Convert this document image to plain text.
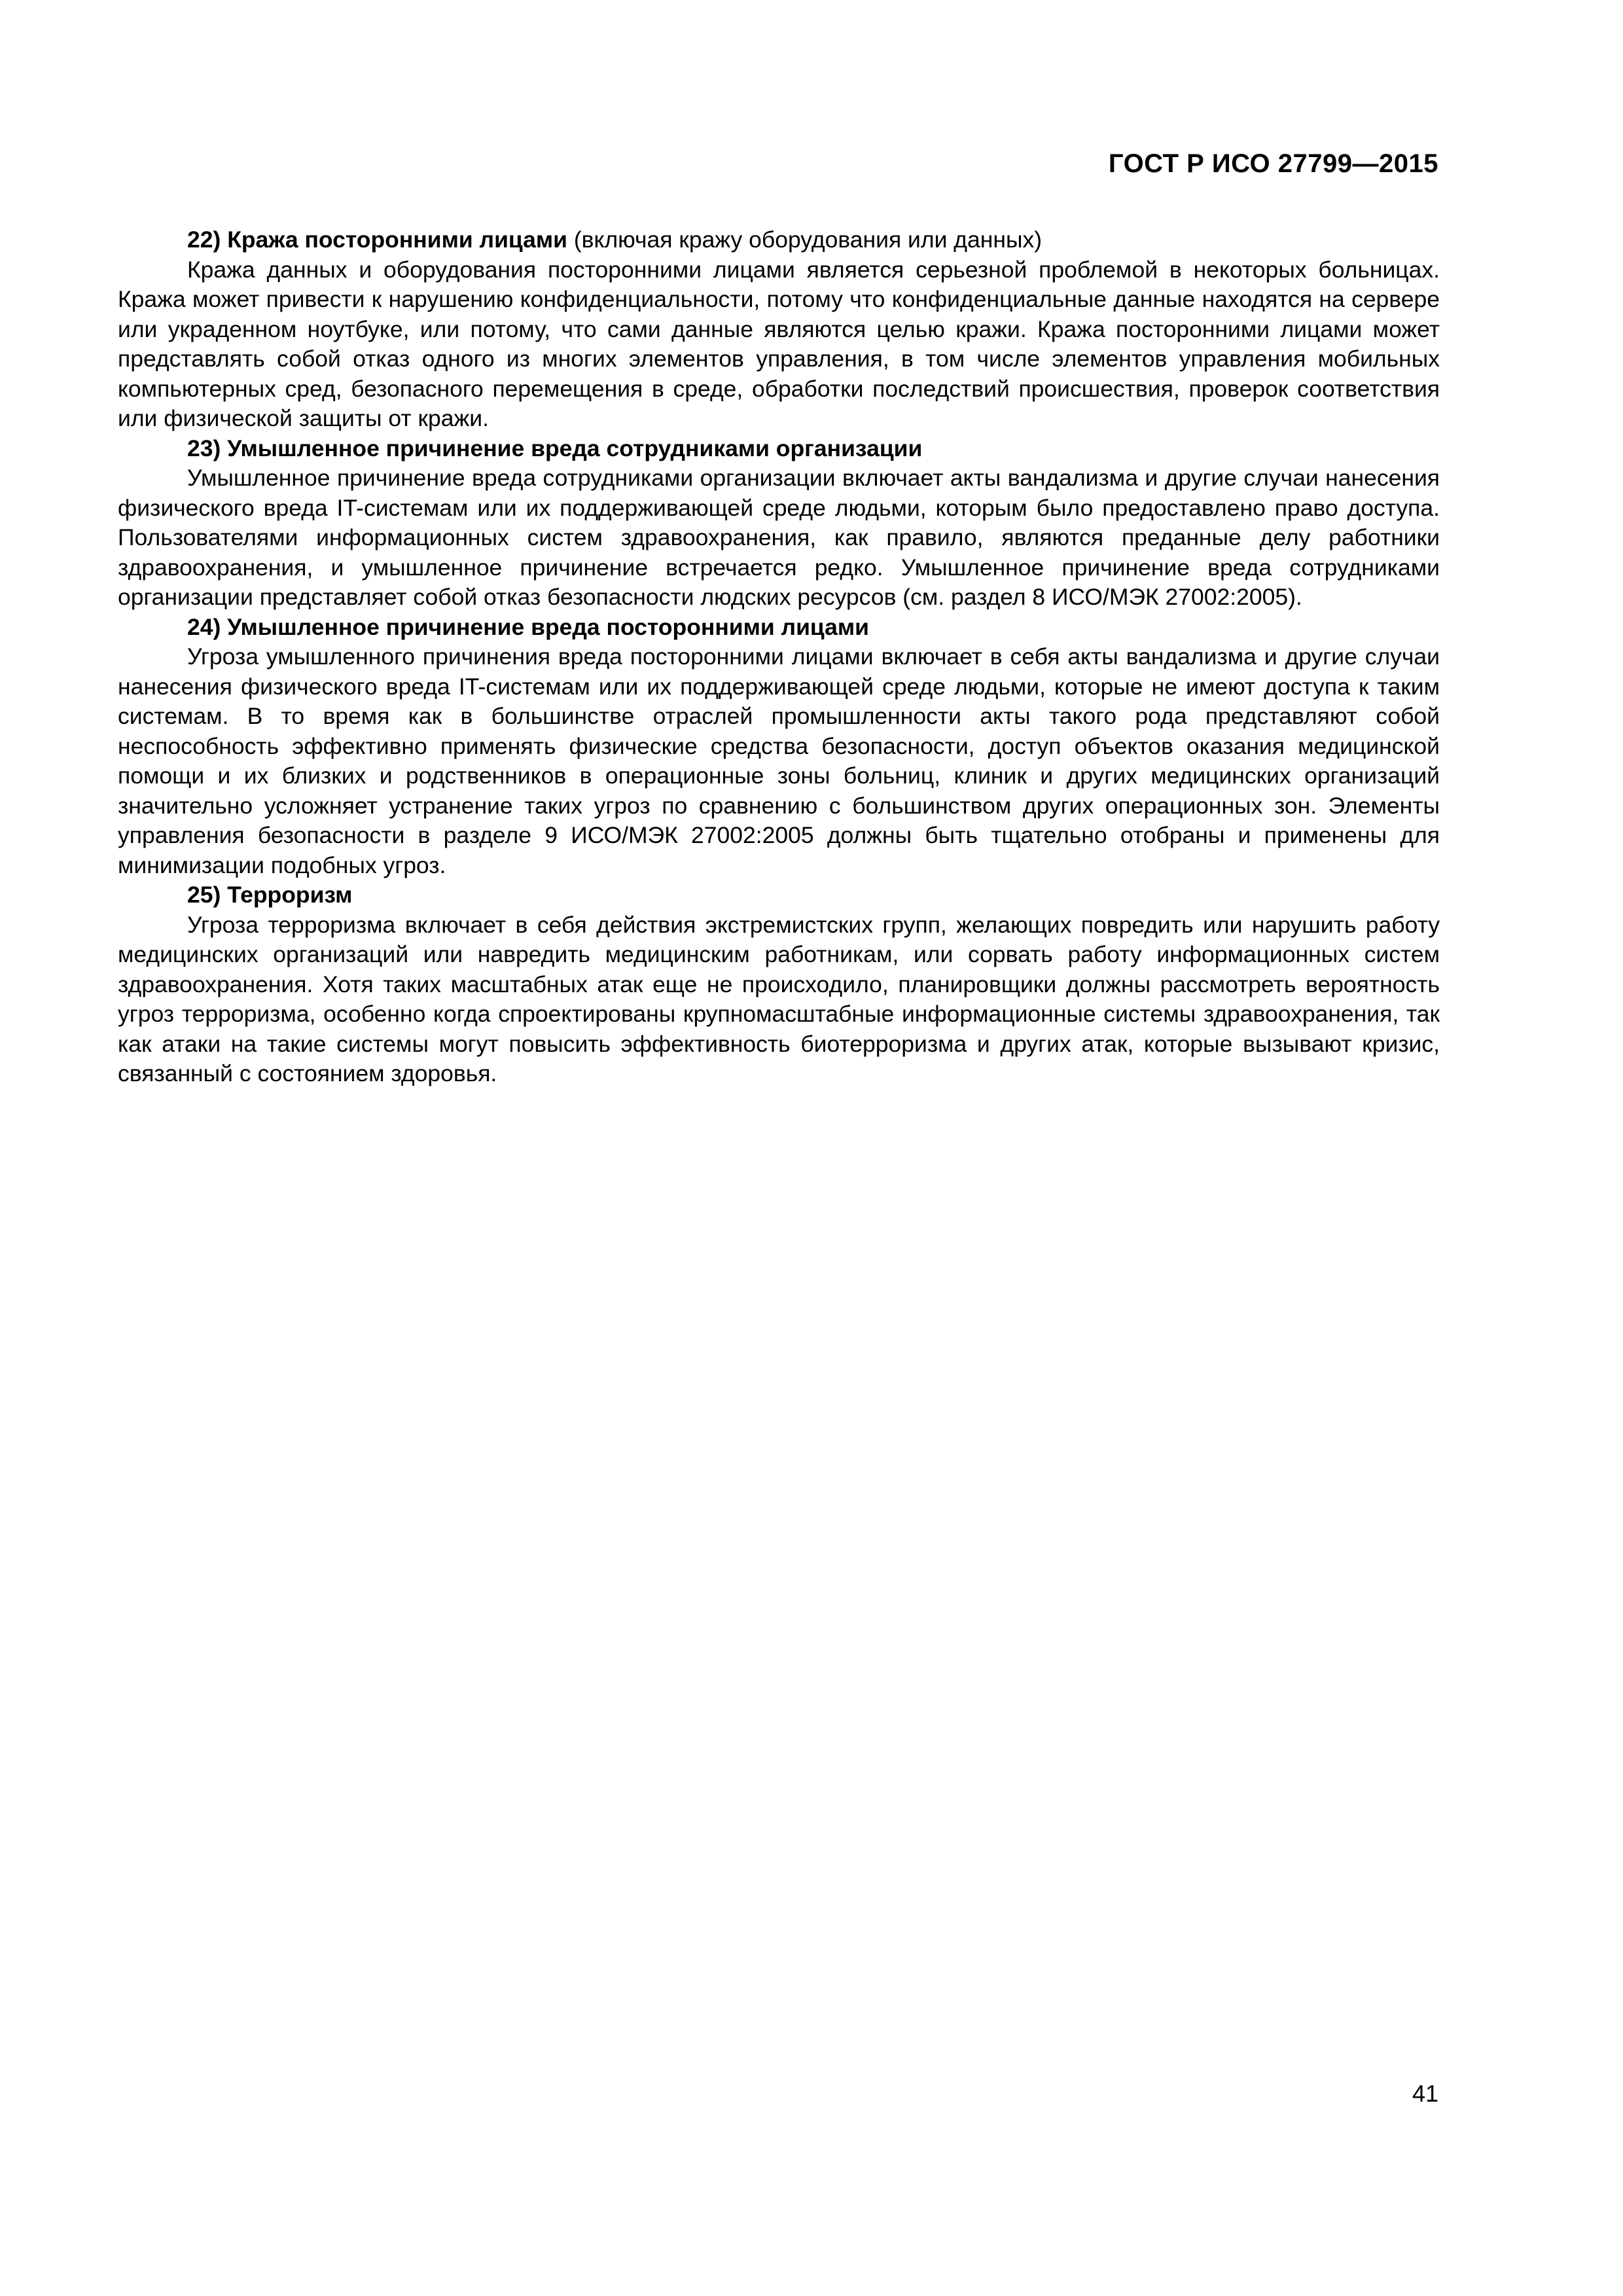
ГОСТ Р ИСО 27799—2015

22) Кража посторонними лицами (включая кражу оборудования или данных)

Кража данных и оборудования посторонними лицами является серьезной проблемой в некоторых больницах. Кража может привести к нарушению конфиденциальности, потому что конфиденциальные данные находятся на сервере или украденном ноутбуке, или потому, что сами данные являются целью кражи. Кража посторонними лицами может представлять собой отказ одного из многих элементов управления, в том числе элементов управления мобильных компьютерных сред, безопасного перемещения в среде, обработки последствий происшествия, проверок соответствия или физической защиты от кражи.

23) Умышленное причинение вреда сотрудниками организации

Умышленное причинение вреда сотрудниками организации включает акты вандализма и другие случаи нанесения физического вреда IT-системам или их поддерживающей среде людьми, которым было предоставлено право доступа. Пользователями информационных систем здравоохранения, как правило, являются преданные делу работники здравоохранения, и умышленное причинение встречается редко. Умышленное причинение вреда сотрудниками организации представляет собой отказ безопасности людских ресурсов (см. раздел 8 ИСО/МЭК 27002:2005).

24) Умышленное причинение вреда посторонними лицами

Угроза умышленного причинения вреда посторонними лицами включает в себя акты вандализма и другие случаи нанесения физического вреда IT-системам или их поддерживающей среде людьми, которые не имеют доступа к таким системам. В то время как в большинстве отраслей промышленности акты такого рода представляют собой неспособность эффективно применять физические средства безопасности, доступ объектов оказания медицинской помощи и их близких и родственников в операционные зоны больниц, клиник и других медицинских организаций значительно усложняет устранение таких угроз по сравнению с большинством других операционных зон. Элементы управления безопасности в разделе 9 ИСО/МЭК 27002:2005 должны быть тщательно отобраны и применены для минимизации подобных угроз.

25) Терроризм

Угроза терроризма включает в себя действия экстремистских групп, желающих повредить или нарушить работу медицинских организаций или навредить медицинским работникам, или сорвать работу информационных систем здравоохранения. Хотя таких масштабных атак еще не происходило, планировщики должны рассмотреть вероятность угроз терроризма, особенно когда спроектированы крупномасштабные информационные системы здравоохранения, так как атаки на такие системы могут повысить эффективность биотерроризма и других атак, которые вызывают кризис, связанный с состоянием здоровья.

41
